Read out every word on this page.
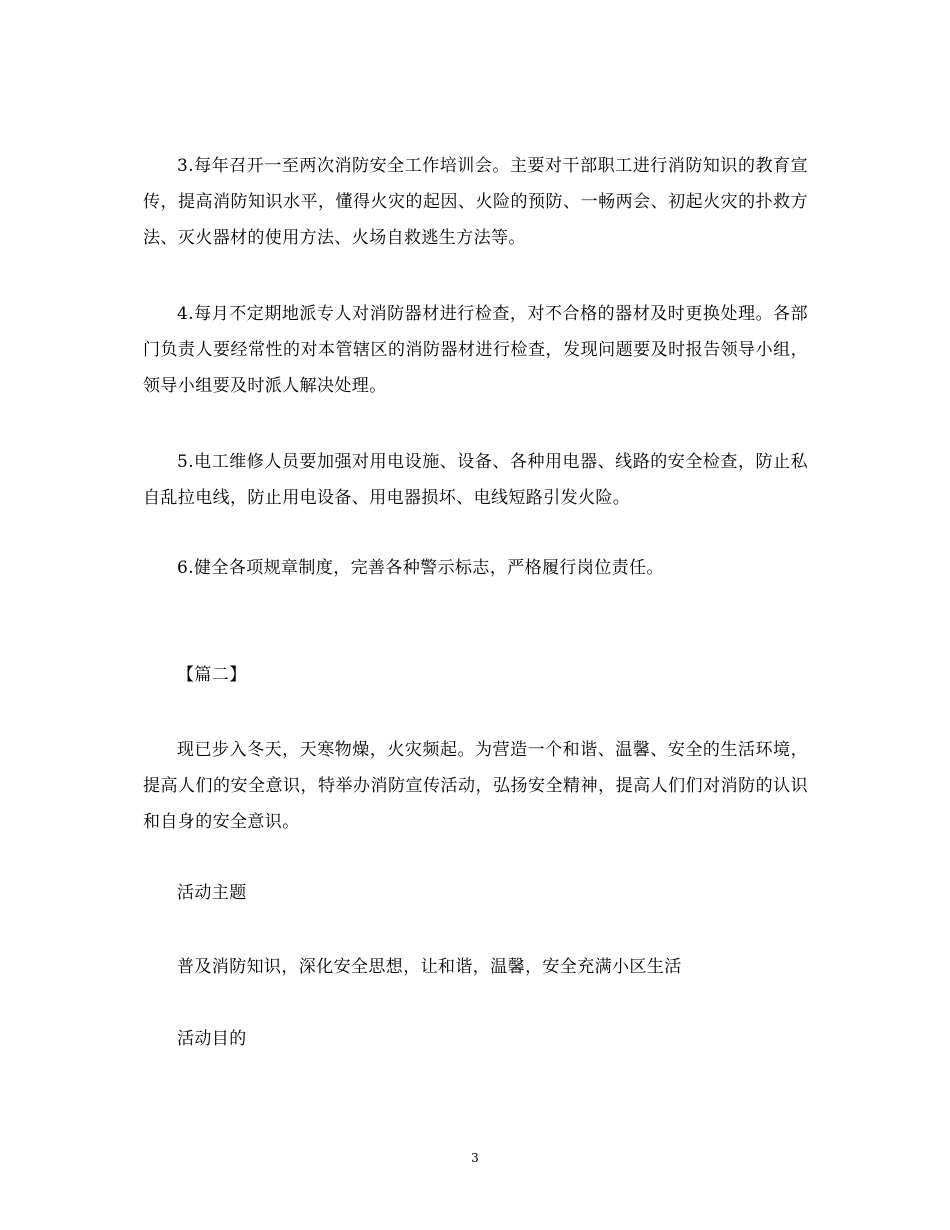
3.每年召开一至两次消防安全工作培训会。主要对干部职工进行消防知识的教育宣传，提高消防知识水平，懂得火灾的起因、火险的预防、一畅两会、初起火灾的扑救方法、灭火器材的使用方法、火场自救逃生方法等。

4.每月不定期地派专人对消防器材进行检查，对不合格的器材及时更换处理。各部门负责人要经常性的对本管辖区的消防器材进行检查，发现问题要及时报告领导小组，领导小组要及时派人解决处理。

5.电工维修人员要加强对用电设施、设备、各种用电器、线路的安全检查，防止私自乱拉电线，防止用电设备、用电器损坏、电线短路引发火险。

6.健全各项规章制度，完善各种警示标志，严格履行岗位责任。

【篇二】

现已步入冬天，天寒物燥，火灾频起。为营造一个和谐、温馨、安全的生活环境，提高人们的安全意识，特举办消防宣传活动，弘扬安全精神，提高人们们对消防的认识和自身的安全意识。

活动主题

普及消防知识，深化安全思想，让和谐，温馨，安全充满小区生活

活动目的

3
